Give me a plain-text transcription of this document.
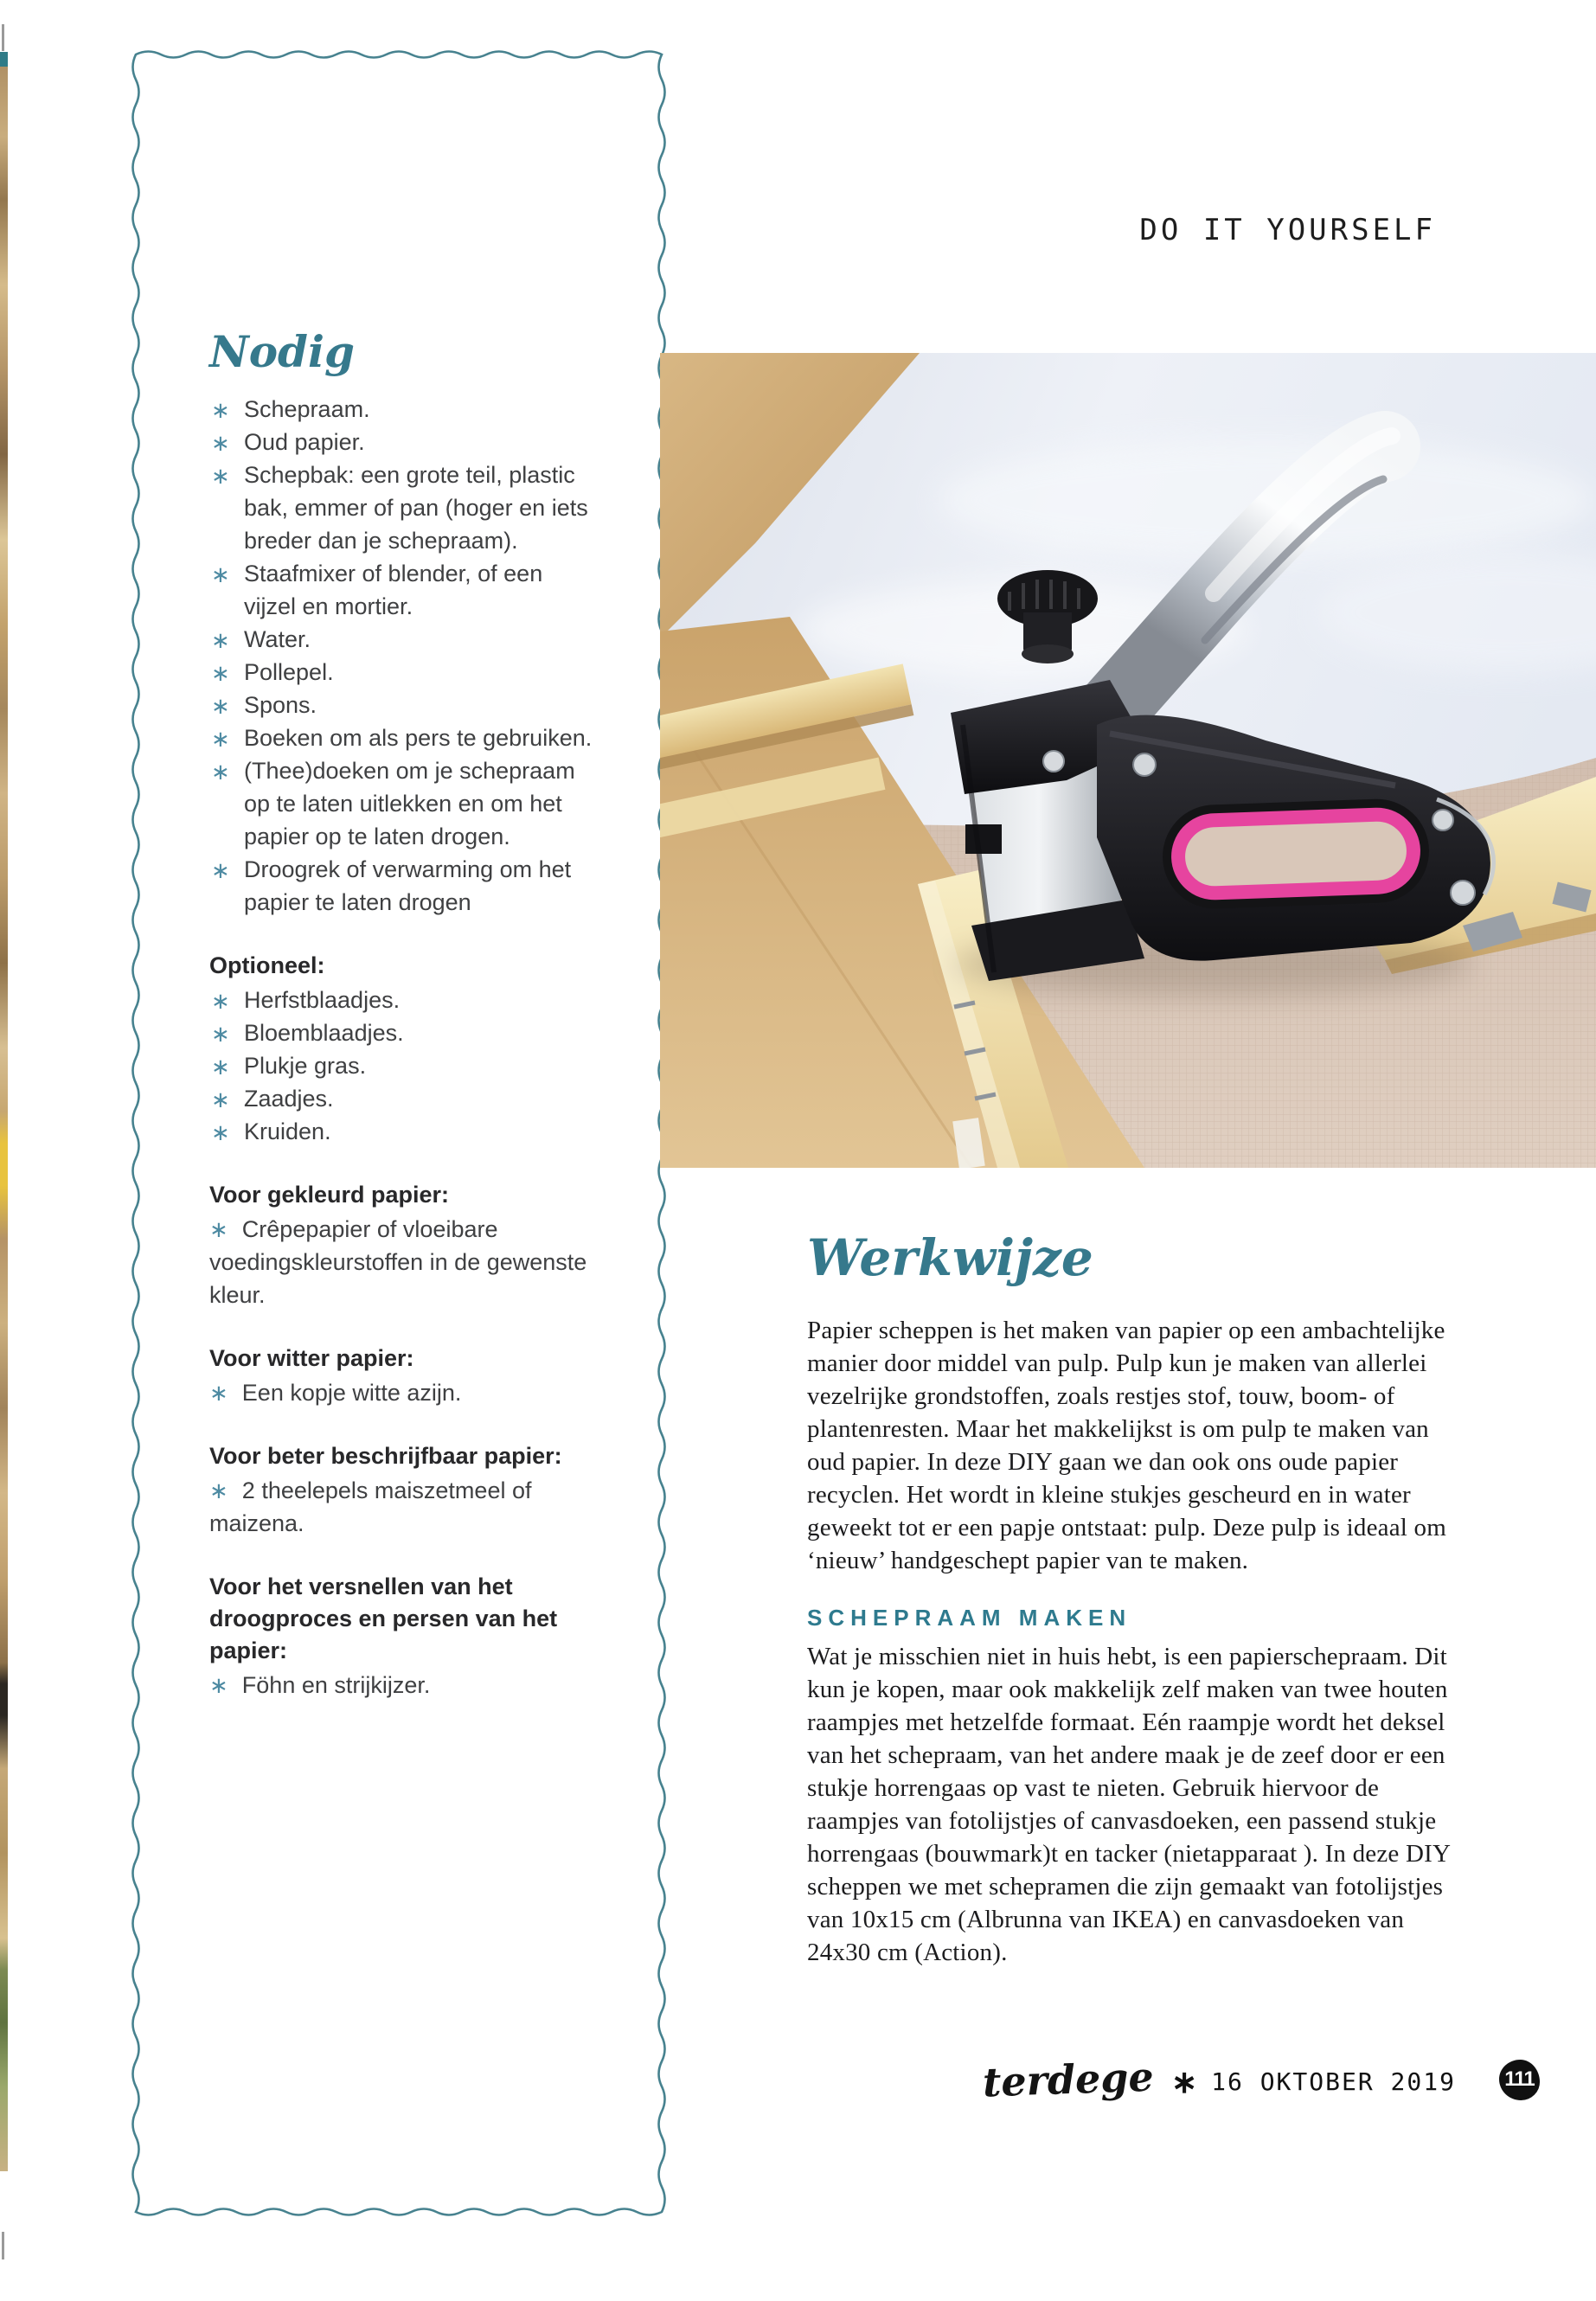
DO IT YOURSELF
Nodig
∗ Schepraam.
∗ Oud papier.
∗ Schepbak: een grote teil, plastic bak, emmer of pan (hoger en iets breder dan je schepraam).
∗ Staafmixer of blender, of een vijzel en mortier.
∗ Water.
∗ Pollepel.
∗ Spons.
∗ Boeken om als pers te gebruiken.
∗ (Thee)doeken om je schepraam op te laten uitlekken en om het papier op te laten drogen.
∗ Droogrek of verwarming om het papier te laten drogen
Optioneel:
∗ Herfstblaadjes.
∗ Bloemblaadjes.
∗ Plukje gras.
∗ Zaadjes.
∗ Kruiden.
Voor gekleurd papier:
∗ Crêpepapier of vloeibare voedingskleurstoffen in de gewenste kleur.
Voor witter papier:
∗ Een kopje witte azijn.
Voor beter beschrijfbaar papier:
∗ 2 theelepels maiszetmeel of maizena.
Voor het versnellen van het droogproces en persen van het papier:
∗ Föhn en strijkijzer.
Werkwijze

Papier scheppen is het maken van papier op een ambachtelijke manier door middel van pulp. Pulp kun je maken van allerlei vezelrijke grondstoffen, zoals restjes stof, touw, boom- of plantenresten. Maar het makkelijkst is om pulp te maken van oud papier. In deze DIY gaan we dan ook ons oude papier recyclen. Het wordt in kleine stukjes gescheurd en in water geweekt tot er een papje ontstaat: pulp. Deze pulp is ideaal om ‘nieuw’ handgeschept papier van te maken.

SCHEPRAAM MAKEN

Wat je misschien niet in huis hebt, is een papierschepraam. Dit kun je kopen, maar ook makkelijk zelf maken van twee houten raampjes met hetzelfde formaat. Eén raampje wordt het deksel van het schepraam, van het andere maak je de zeef door er een stukje horrengaas op vast te nieten. Gebruik hiervoor de raampjes van fotolijstjes of canvasdoeken, een passend stukje horrengaas (bouwmark)t en tacker (nietapparaat ). In deze DIY scheppen we met schepramen die zijn gemaakt van fotolijstjes van 10x15 cm (Albrunna van IKEA) en canvasdoeken van 24x30 cm (Action).

terdege ∗ 16 OKTOBER 2019 111
